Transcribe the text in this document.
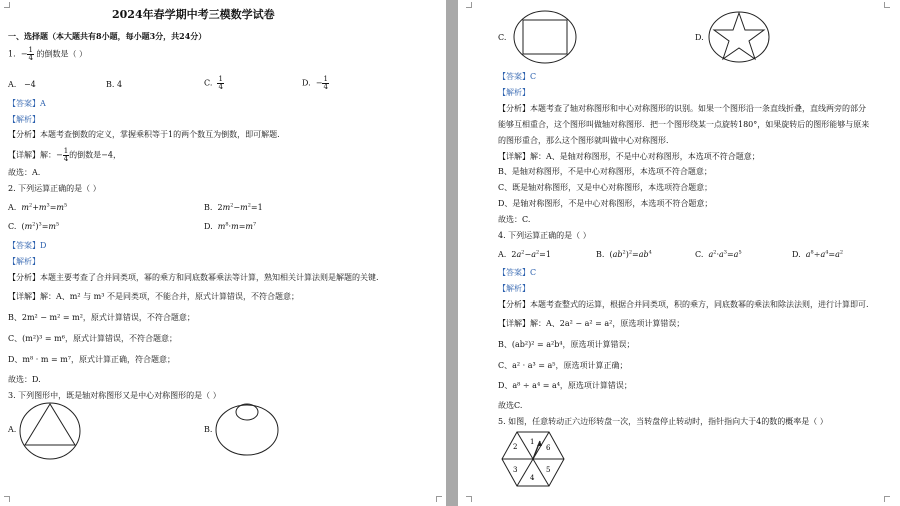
2024年春学期中考三模数学试卷
一、选择题（本大题共有8小题，每小题3分，共24分）
1. − $\frac{1}{4}$ 的倒数是（ ）
A. −4	B. 4	C. $\frac{1}{4}$	D. − $\frac{1}{4}$
【答案】A
【解析】
【分析】本题考查倒数的定义，掌握乘积等于1的两个数互为倒数，即可解题.
【详解】解：− $\frac{1}{4}$ 的倒数是−4，
故选：A.
2. 下列运算正确的是（ ）
A. $m^2+m^3=m^5$	B.  $2m^2-m^2=1$
C.  $(m^2)^3=m^5$	D. $m^8\cdot m=m^7$
【答案】D
【解析】
【分析】本题主要考查了合并同类项，幂的乘方和同底数幂乘法等计算，熟知相关计算法则是解题的关键.
【详解】解：A、m² 与 m³ 不是同类项，不能合并，原式计算错误，不符合题意；
B、2m² − m² = m²，原式计算错误，不符合题意；
C、(m²)³ = m⁶，原式计算错误，不符合题意；
D、m⁸ · m = m⁷，原式计算正确，符合题意；
故选：D.
3. 下列图形中，既是轴对称图形又是中心对称图形的是（ ）
A.	B.
C.	D.
【答案】C
【解析】
【分析】本题考查了轴对称图形和中心对称图形的识别。如果一个图形沿一条直线折叠，直线两旁的部分
能够互相重合，这个图形叫做轴对称图形．把一个图形绕某一点旋转180°，如果旋转后的图形能够与原来
的图形重合，那么这个图形就叫做中心对称图形．
【详解】解：A、是轴对称图形，不是中心对称图形，本选项不符合题意；
B、是轴对称图形，不是中心对称图形，本选项不符合题意；
C、既是轴对称图形，又是中心对称图形，本选项符合题意；
D、是轴对称图形，不是中心对称图形，本选项不符合题意；
故选：C.
4. 下列运算正确的是（ ）
A.  $2a^2-a^2=1$	B.  $(ab^2)^2=ab^4$	C. $a^2\cdot a^3=a^5$	D. $a^8\div a^4=a^2$
【答案】C
【解析】
【分析】本题考查整式的运算，根据合并同类项，积的乘方，同底数幂的乘法和除法法则，进行计算即可.
【详解】解：A、2a² − a² = a²，原选项计算错误；
B、(ab²)² = a²b⁴，原选项计算错误；
C、a² · a³ = a⁵，原选项计算正确；
D、a⁸ ÷ a⁴ = a⁴，原选项计算错误；
故选C.
5. 如图，任意转动正六边形转盘一次，当转盘停止转动时，指针指向大于4的数的概率是（ ）
2
1
6
3
4
5
